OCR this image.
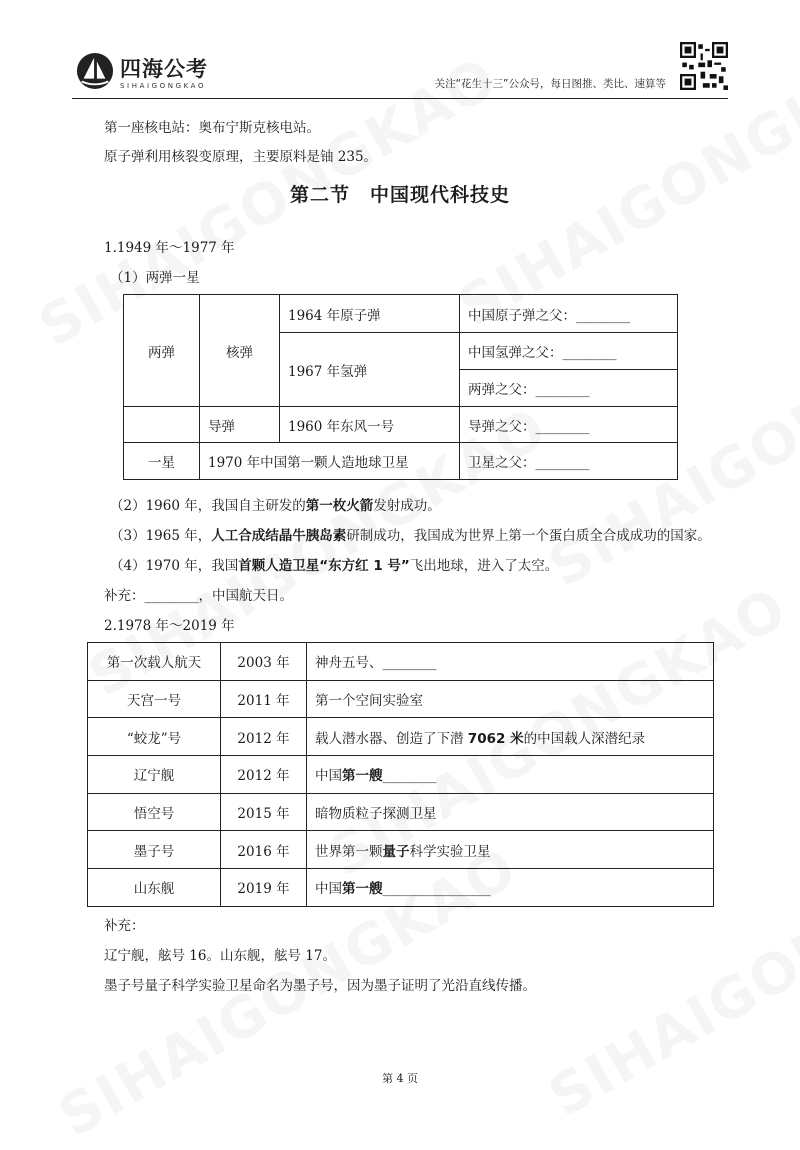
四海公考
SIHAIGONGKAO	关注“花生十三”公众号，每日图推、类比、速算等
第一座核电站：奥布宁斯克核电站。
原子弹利用核裂变原理，主要原料是铀 235。
第二节　中国现代科技史
1.1949 年～1977 年
（1）两弹一星
两弹	核弹	1964 年原子弹	中国原子弹之父：________
		1967 年氢弹	中国氢弹之父：________
			两弹之父：________
	导弹	1960 年东风一号	导弹之父：________
一星	1970 年中国第一颗人造地球卫星		卫星之父：________
（2）1960 年，我国自主研发的第一枚火箭发射成功。
（3）1965 年，人工合成结晶牛胰岛素研制成功，我国成为世界上第一个蛋白质全合成成功的国家。
（4）1970 年，我国首颗人造卫星“东方红 1 号”飞出地球，进入了太空。
补充：________，中国航天日。
2.1978 年～2019 年
第一次载人航天	2003 年	神舟五号、________
天宫一号	2011 年	第一个空间实验室
“蛟龙”号	2012 年	载人潜水器、创造了下潜 7062 米的中国载人深潜纪录
辽宁舰	2012 年	中国第一艘________
悟空号	2015 年	暗物质粒子探测卫星
墨子号	2016 年	世界第一颗量子科学实验卫星
山东舰	2019 年	中国第一艘________________
补充：
辽宁舰，舷号 16。山东舰，舷号 17。
墨子号量子科学实验卫星命名为墨子号，因为墨子证明了光沿直线传播。
第 4 页
